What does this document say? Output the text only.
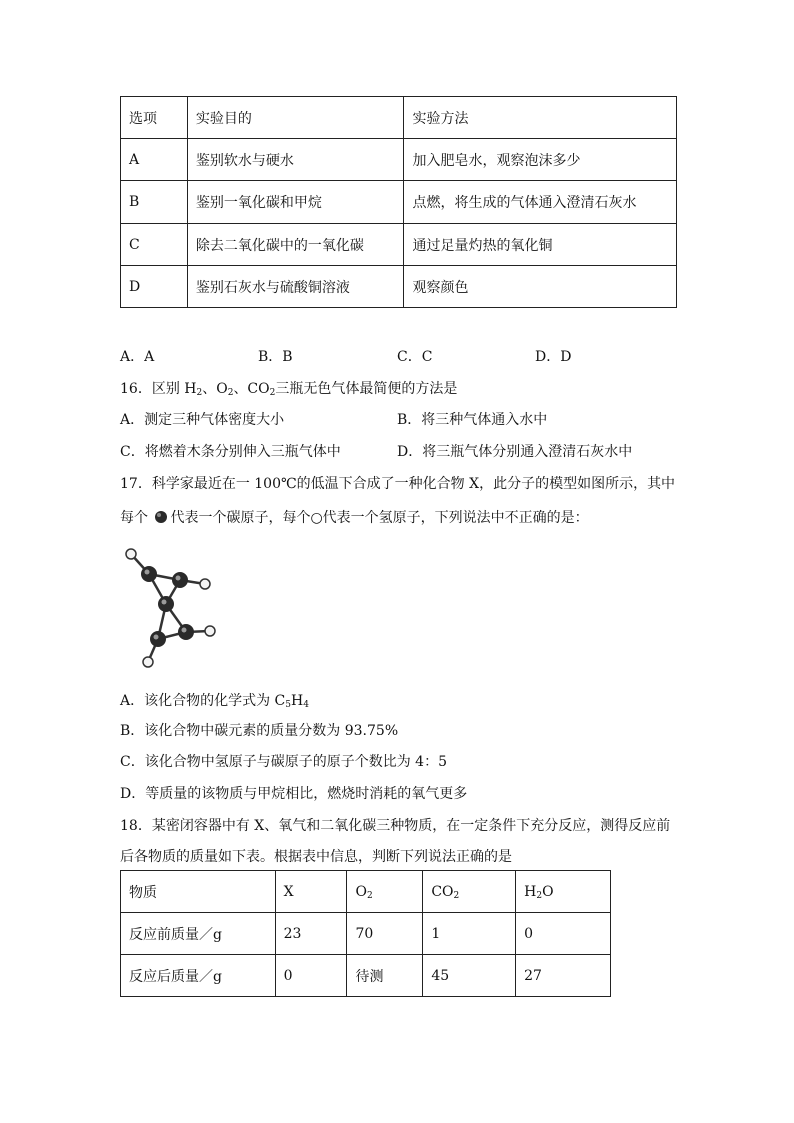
选项	实验目的	实验方法
A	鉴别软水与硬水	加入肥皂水，观察泡沫多少
B	鉴别一氧化碳和甲烷	点燃，将生成的气体通入澄清石灰水
C	除去二氧化碳中的一氧化碳	通过足量灼热的氧化铜
D	鉴别石灰水与硫酸铜溶液	观察颜色
A．A	B．B	C．C	D．D
16．区别 $H_2$、$O_2$、$CO_2$三瓶无色气体最简便的方法是
A．测定三种气体密度大小	B．将三种气体通入水中
C．将燃着木条分别伸入三瓶气体中	D．将三瓶气体分别通入澄清石灰水中
17．科学家最近在一 100℃的低温下合成了一种化合物 X，此分子的模型如图所示，其中
每个 代表一个碳原子，每个○代表一个氢原子，下列说法中不正确的是：
A．该化合物的化学式为 $C_5H_4$
B．该化合物中碳元素的质量分数为 93.75%
C．该化合物中氢原子与碳原子的原子个数比为 4：5
D．等质量的该物质与甲烷相比，燃烧时消耗的氧气更多
18．某密闭容器中有 X、氧气和二氧化碳三种物质，在一定条件下充分反应，测得反应前
后各物质的质量如下表。根据表中信息，判断下列说法正确的是
物质	X	$O_2$	$CO_2$	$H_2O$
反应前质量／g	23	70	1	0
反应后质量／g	0	待测	45	27
